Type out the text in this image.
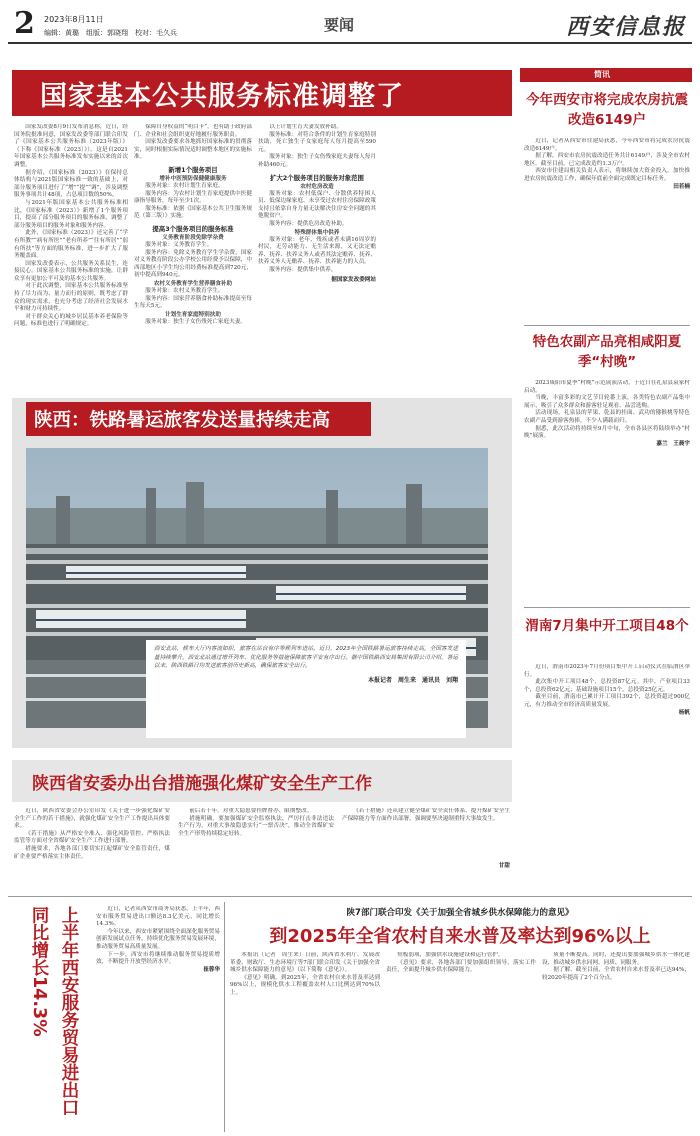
2 2023年8月11日
编辑：黄璐　组版：郭晓翔　校对：毛久兵	要闻	西安信息报
国家基本公共服务标准调整了

国家发改委8月9日发布消息称，近日，经国务院批准同意，国家发改委等部门联合印发了《国家基本公共服务标准（2023年版）》（下称《国家标准（2023）》）。这是自2021年国家基本公共服务标准发布实施以来的首次调整。

据介绍，《国家标准（2023）》在保持总体结构与2021版国家标准一致的基础上，对部分服务项目进行了“增”“提”“调”，涉及调整服务事项共计48项，占总项目数的50%。

与2021年版国家基本公共服务标准相比，《国家标准（2023）》新增了1个服务项目，提高了部分服务项目的服务标准，调整了部分服务项目的服务对象和服务内容。

此外，《国家标准（2023）》还完善了“学有所教”“病有所医”“老有所养”“住有所居”“弱有所扶”等方面的服务标准，进一步扩大了服务覆盖面。

国家发改委表示，公共服务关系民生，连接民心。国家基本公共服务标准的实施，让群众享有更加公平可及的基本公共服务。

对于此次调整，国家基本公共服务标准坚持了尽力而为、量力而行的原则，既考虑了群众的现实需求，也充分考虑了经济社会发展水平和财力可持续性。

对于群众关心的城乡居民基本养老保险等问题，标准也进行了明确规定。

保障自身权益的“明白卡”，也有助于政府部门、企业和社会组织更好地履行服务职责。

国家发改委要求各地抓好国家标准的贯彻落实，同时根据实际情况适时调整本地区的实施标准。

新增1个服务项目
增补中医预防保健健康服务

服务对象：农村计划生育家庭。

服务内容：为农村计划生育家庭提供中医健康指导服务，每年至少1次。

服务标准：依据《国家基本公共卫生服务规范（第三版）》实施。

提高3个服务项目的服务标准
义务教育阶段免除学杂费

服务对象：义务教育学生。

服务内容：免除义务教育学生学杂费，国家对义务教育阶段公办学校公用经费予以保障，中西部地区小学生均公用经费标准提高到720元，初中提高到940元。

农村义务教育学生营养膳食补助

服务对象：农村义务教育学生。

服务内容：国家营养膳食补助标准提高至每生每天5元。

计划生育家庭特别扶助

服务对象：独生子女伤残死亡家庭夫妻。

以上计划生育夫妻发放补助。

服务标准：对符合条件的计划生育家庭特别扶助，死亡独生子女家庭每人每月提高至590元。

服务对象：独生子女伤残家庭夫妻每人每月补助460元。

扩大2个服务项目的服务对象范围
农村危房改造

服务对象：农村低保户、分散供养特困人员、低保边缘家庭、未享受过农村住房保障政策支持且依靠自身力量无法解决住房安全问题的其他脱贫户。

服务内容：提供危房改造补助。

特殊群体集中供养

服务对象：老年、残疾或者未满16周岁的村民，无劳动能力、无生活来源，又无法定赡养、抚养、扶养义务人或者其法定赡养、抚养、扶养义务人无赡养、抚养、扶养能力的人员。

服务内容：提供集中供养。

据国家发改委网站
陕西：铁路暑运旅客发送量持续走高
西安北站，候车大厅内客流如织，旅客在站台有序等候列车进站。近日，2023年全国铁路暑运旅客持续走高，全国客发送量持续攀升，西安北站通过增开列车、优化服务等措施保障旅客平安有序出行。据中国铁路西安局集团有限公司介绍，暑运以来，陕西铁路日均发送旅客创历史新高，确保旅客安全出行。
本报记者　周生来　通讯员　刘翔
简讯
今年西安市将完成农房抗震改造6149户

近日，记者从西安市住建局获悉，今年西安市将完成农房抗震改造6149户。

据了解，西安市农房抗震改造任务共计6149户，涉及全市农村地区。截至目前，已完成改造约1.3万户。

西安市住建局相关负责人表示，将继续加大资金投入，加快推进农房抗震改造工作，确保年底前全面完成既定目标任务。

田若楠
特色农副产品亮相咸阳夏季“村晚”

2023咸阳市夏季“村晚”示范展演活动，于近日在礼泉县袁家村启动。

当晚，丰富多彩的文艺节目轮番上演，各类特色农副产品集中展示，吸引了众多群众和游客驻足观看、品尝选购。

活动现场，礼泉县的苹果、乾县的挂面、武功的猕猴桃等特色农副产品受到游客热捧，不少人满载而归。

据悉，此次活动将持续至9月中旬，全市各县区将陆续举办“村晚”展演。

嘉兰　王晨宇
渭南7月集中开工项目48个

近日，渭南市2023年7月份项目集中开工启动仪式在临渭区举行。

此次集中开工项目48个，总投资87亿元。其中，产业项目33个，总投资62亿元；基础设施项目15个，总投资25亿元。

截至目前，渭南市已累计开工项目392个，总投资超过900亿元，有力推动全市经济高质量发展。

杨帆
陕西省安委办出台措施强化煤矿安全生产工作

近日，陕西省安委会办公室印发《关于进一步强化煤矿安全生产工作的若干措施》，就强化煤矿安全生产工作提出具体要求。

《若干措施》从严格安全准入、强化风险管控、严格执法监管等方面对全省煤矿安全生产工作进行部署。

措施要求，各地各部门要切实扛起煤矿安全监管责任，煤矿企业要严格落实主体责任。

前后若干年，对重大隐患要挂牌督办、限期整改。

措施明确，要加强煤矿安全监察执法，严厉打击非法违法生产行为，对重大事故隐患实行“一票否决”，推动全省煤矿安全生产形势持续稳定好转。

《若干措施》还从建立健全煤矿安全责任体系、提升煤矿安全生产保障能力等方面作出部署，强调要坚决遏制重特大事故发生。

甘甜
上半年西安服务贸易进出口同比增长14.3%	近日，记者从西安市商务局获悉，上半年，西安市服务贸易进出口额达8.3亿美元，同比增长14.3%。

今年以来，西安市紧紧围绕全面深化服务贸易创新发展试点任务，持续优化服务贸易发展环境，推动服务贸易高质量发展。

下一步，西安市将继续推动服务贸易提质增效，不断提升开放型经济水平。

崔蓉华
陕7部门联合印发《关于加强全省城乡供水保障能力的意见》
到2025年全省农村自来水普及率达到96%以上

本报讯（记者　周生来）日前，陕西省水利厅、发展改革委、财政厅、生态环境厅等7部门联合印发《关于加强全省城乡供水保障能力的意见》（以下简称《意见》）。

《意见》明确，到2025年，全省农村自来水普及率达到96%以上，规模化供水工程覆盖农村人口比例达到70%以上。

短板弱项，加强供水设施建设和运行管护。

《意见》要求，各地各部门要加强组织领导，落实工作责任，全面提升城乡供水保障能力。

质量不断提高。同时，还提出要加强城乡供水一体化建设，推动城乡供水同网、同质、同服务。

据了解，截至目前，全省农村自来水普及率已达94%，较2020年提高了2个百分点。
